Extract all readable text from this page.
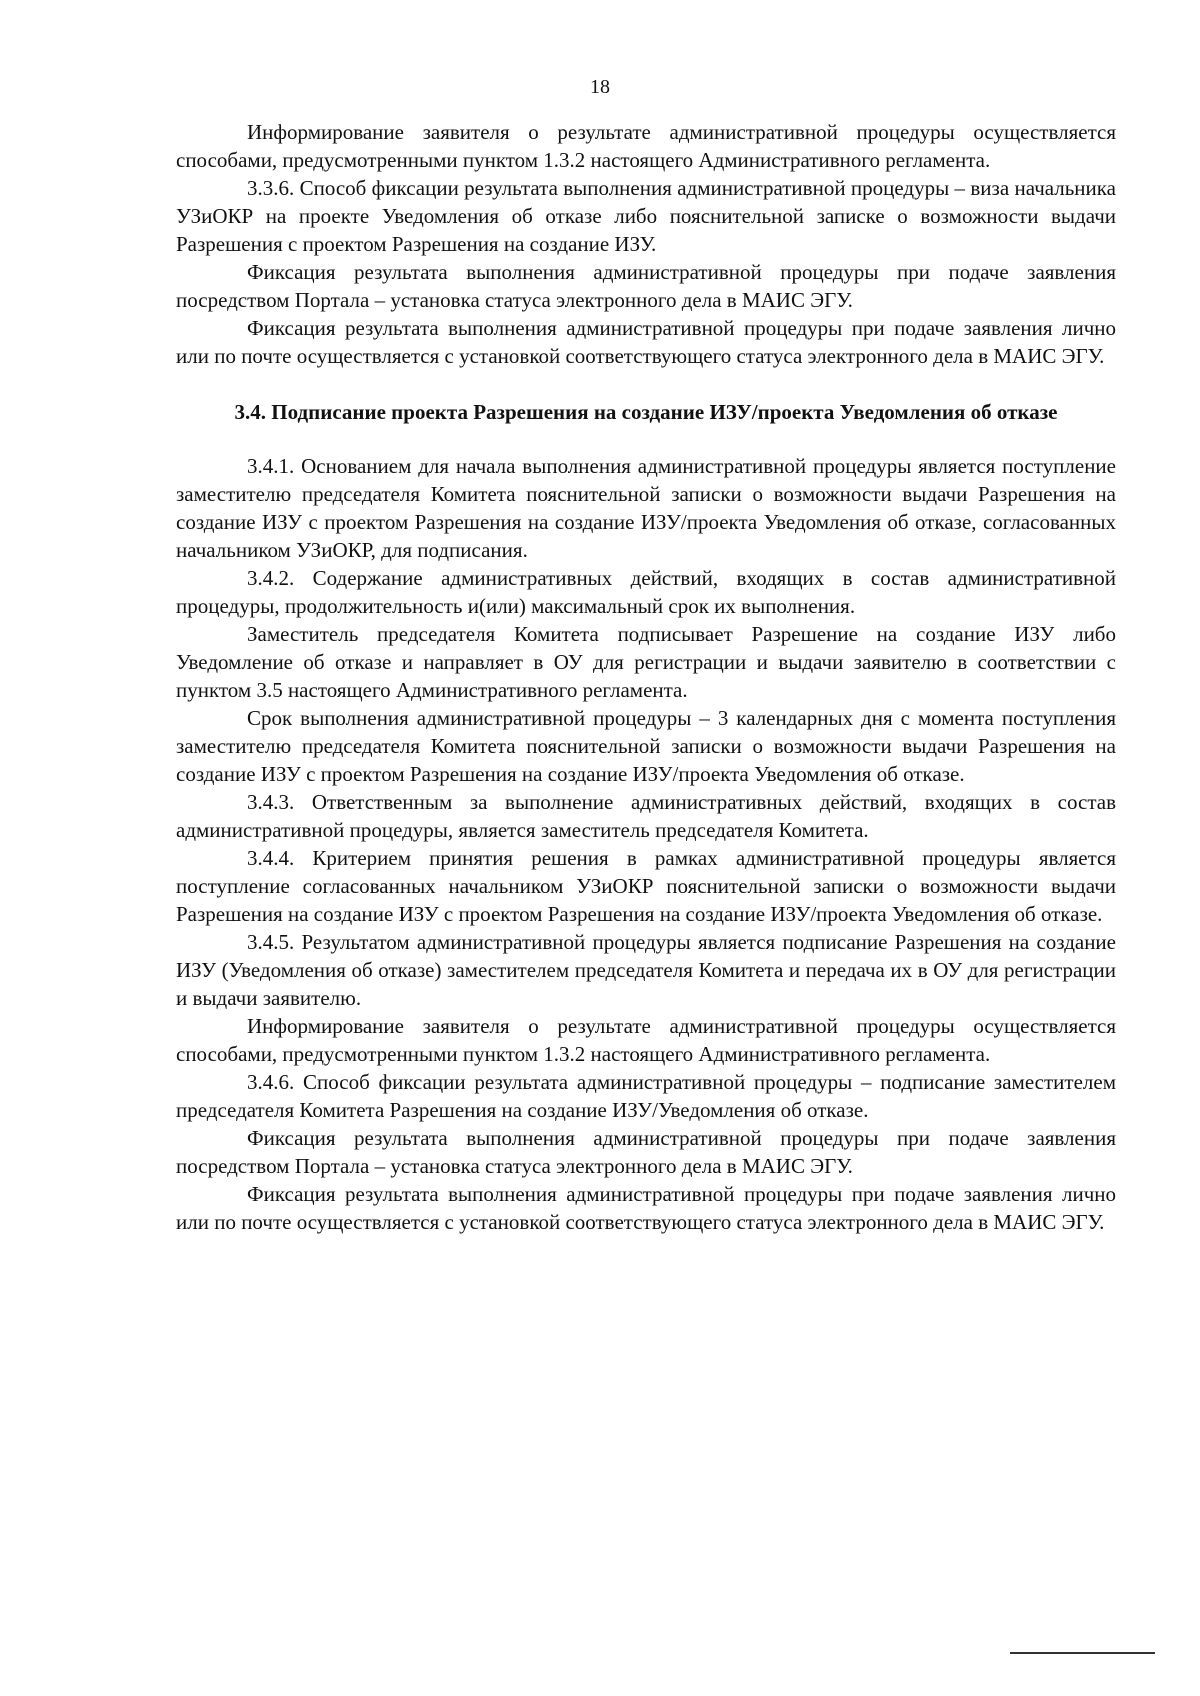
18

Информирование заявителя о результате административной процедуры осуществляется способами, предусмотренными пунктом 1.3.2 настоящего Административного регламента.

3.3.6. Способ фиксации результата выполнения административной процедуры – виза начальника УЗиОКР на проекте Уведомления об отказе либо пояснительной записке о возможности выдачи Разрешения с проектом Разрешения на создание ИЗУ.

Фиксация результата выполнения административной процедуры при подаче заявления посредством Портала – установка статуса электронного дела в МАИС ЭГУ.

Фиксация результата выполнения административной процедуры при подаче заявления лично или по почте осуществляется с установкой соответствующего статуса электронного дела в МАИС ЭГУ.

3.4. Подписание проекта Разрешения на создание ИЗУ/проекта Уведомления об отказе

3.4.1. Основанием для начала выполнения административной процедуры является поступление заместителю председателя Комитета пояснительной записки о возможности выдачи Разрешения на создание ИЗУ с проектом Разрешения на создание ИЗУ/проекта Уведомления об отказе, согласованных начальником УЗиОКР, для подписания.

3.4.2. Содержание административных действий, входящих в состав административной процедуры, продолжительность и(или) максимальный срок их выполнения.

Заместитель председателя Комитета подписывает Разрешение на создание ИЗУ либо Уведомление об отказе и направляет в ОУ для регистрации и выдачи заявителю в соответствии с пунктом 3.5 настоящего Административного регламента.

Срок выполнения административной процедуры – 3 календарных дня с момента поступления заместителю председателя Комитета пояснительной записки о возможности выдачи Разрешения на создание ИЗУ с проектом Разрешения на создание ИЗУ/проекта Уведомления об отказе.

3.4.3. Ответственным за выполнение административных действий, входящих в состав административной процедуры, является заместитель председателя Комитета.

3.4.4. Критерием принятия решения в рамках административной процедуры является поступление согласованных начальником УЗиОКР пояснительной записки о возможности выдачи Разрешения на создание ИЗУ с проектом Разрешения на создание ИЗУ/проекта Уведомления об отказе.

3.4.5. Результатом административной процедуры является подписание Разрешения на создание ИЗУ (Уведомления об отказе) заместителем председателя Комитета и передача их в ОУ для регистрации и выдачи заявителю.

Информирование заявителя о результате административной процедуры осуществляется способами, предусмотренными пунктом 1.3.2 настоящего Административного регламента.

3.4.6. Способ фиксации результата административной процедуры – подписание заместителем председателя Комитета Разрешения на создание ИЗУ/Уведомления об отказе.

Фиксация результата выполнения административной процедуры при подаче заявления посредством Портала – установка статуса электронного дела в МАИС ЭГУ.

Фиксация результата выполнения административной процедуры при подаче заявления лично или по почте осуществляется с установкой соответствующего статуса электронного дела в МАИС ЭГУ.
